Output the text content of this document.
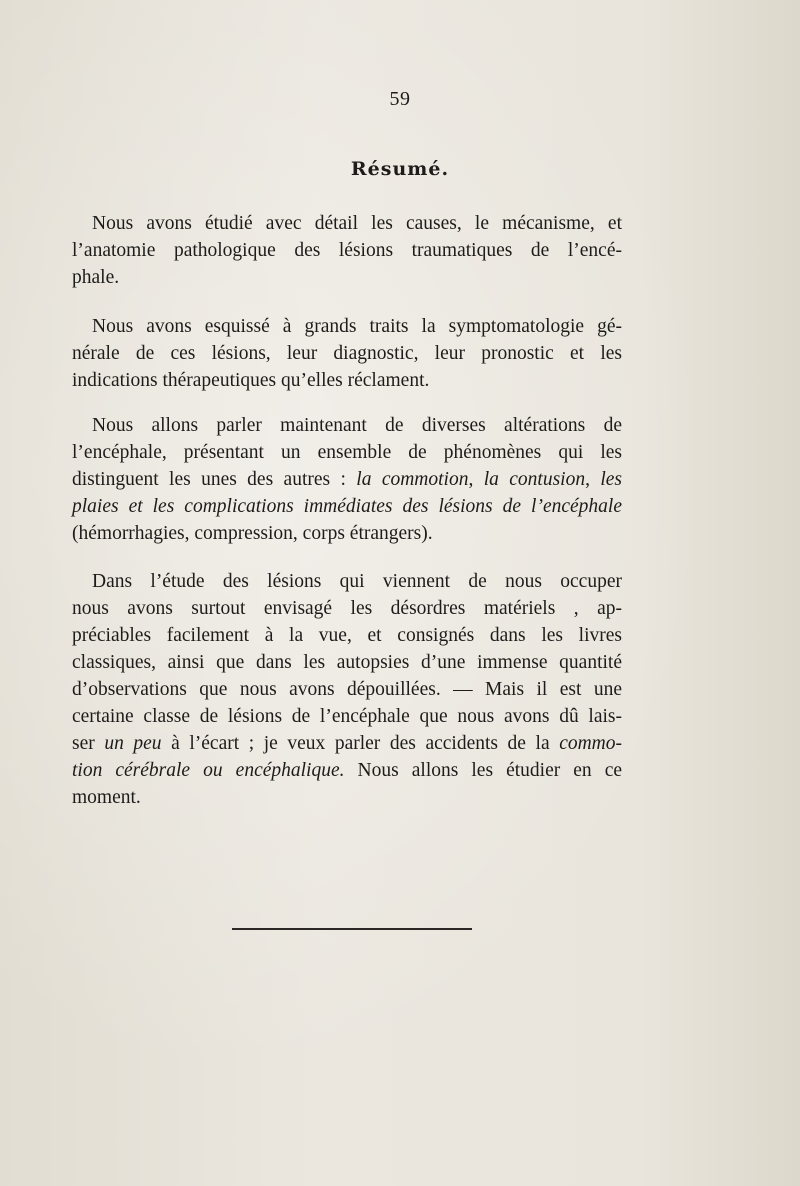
59
Résumé.
Nous avons étudié avec détail les causes, le mécanisme, et
l’anatomie pathologique des lésions traumatiques de l’encé-
phale.
Nous avons esquissé à grands traits la symptomatologie gé-
nérale de ces lésions, leur diagnostic, leur pronostic et les
indications thérapeutiques qu’elles réclament.
Nous allons parler maintenant de diverses altérations de
l’encéphale, présentant un ensemble de phénomènes qui les
distinguent les unes des autres : la commotion, la contusion, les
plaies et les complications immédiates des lésions de l’encéphale
(hémorrhagies, compression, corps étrangers).
Dans l’étude des lésions qui viennent de nous occuper
nous avons surtout envisagé les désordres matériels , ap-
préciables facilement à la vue, et consignés dans les livres
classiques, ainsi que dans les autopsies d’une immense quantité
d’observations que nous avons dépouillées. — Mais il est une
certaine classe de lésions de l’encéphale que nous avons dû lais-
ser un peu à l’écart ; je veux parler des accidents de la commo-
tion cérébrale ou encéphalique. Nous allons les étudier en ce
moment.
